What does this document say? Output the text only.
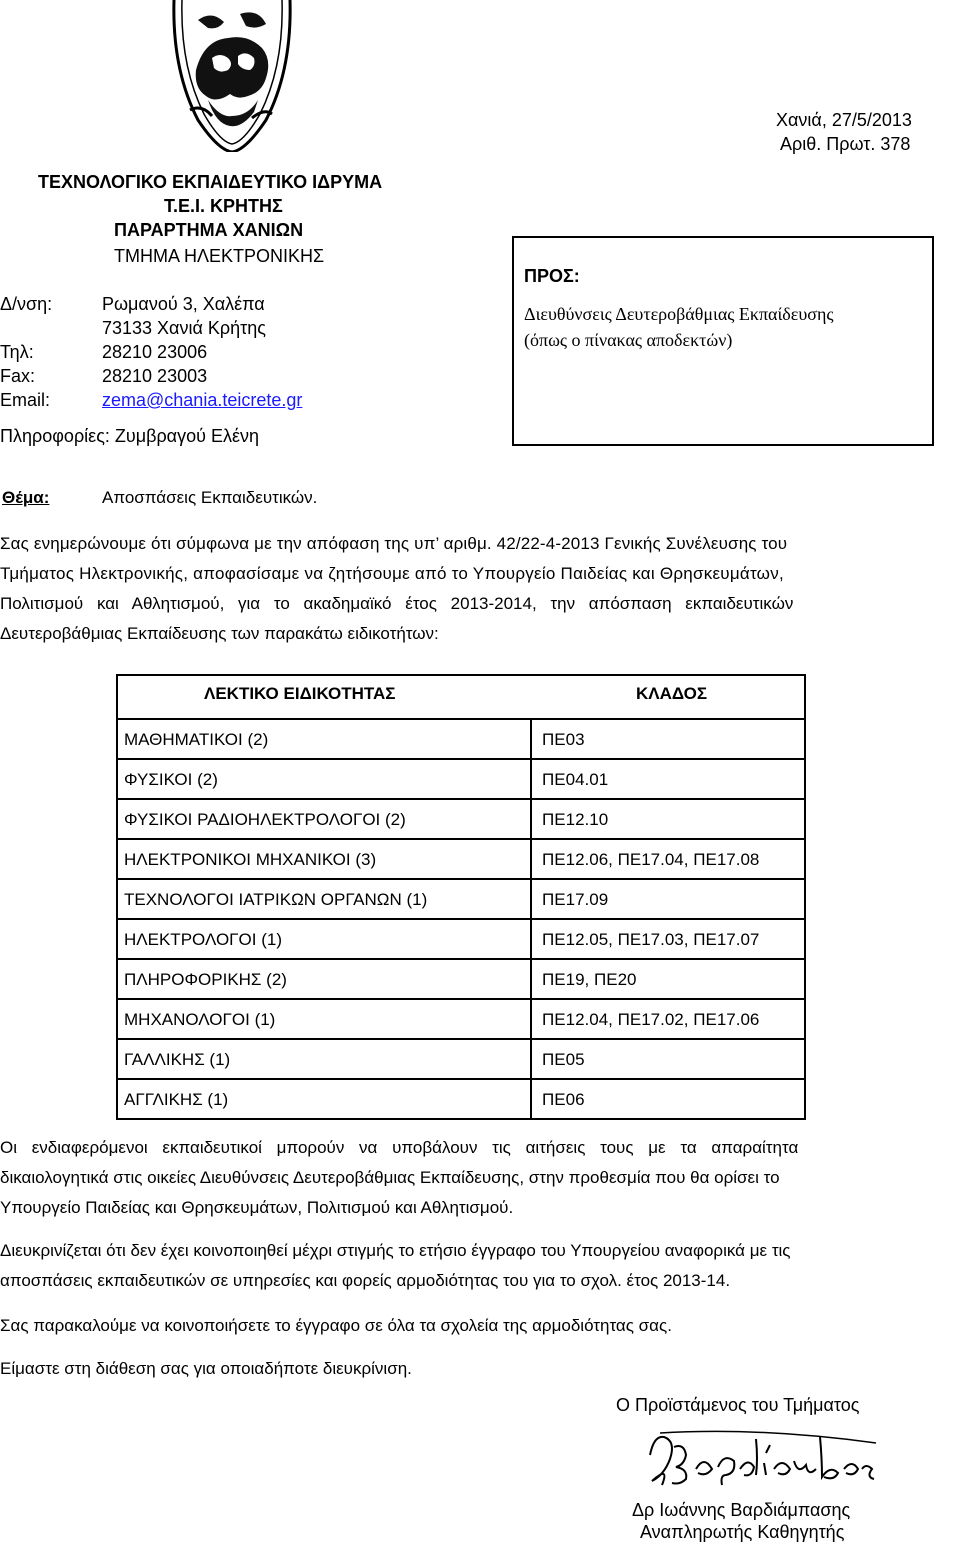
Χανιά, 27/5/2013
Αριθ. Πρωτ. 378
ΤΕΧΝΟΛΟΓΙΚΟ ΕΚΠΑΙΔΕΥΤΙΚΟ ΙΔΡΥΜΑ
Τ.Ε.Ι. ΚΡΗΤΗΣ
ΠΑΡΑΡΤΗΜΑ ΧΑΝΙΩΝ
ΤΜΗΜΑ ΗΛΕΚΤΡΟΝΙΚΗΣ
Δ/νση:	Ρωμανού 3, Χαλέπα
73133 Χανιά Κρήτης
Τηλ:	28210 23006
Fax:	28210 23003
Email:	zema@chania.teicrete.gr
Πληροφορίες: Ζυμβραγού Ελένη
ΠΡΟΣ:
Διευθύνσεις Δευτεροβάθμιας Εκπαίδευσης
(όπως ο πίνακας αποδεκτών)
Θέμα:	Αποσπάσεις Εκπαιδευτικών.
Σας ενημερώνουμε ότι σύμφωνα με την απόφαση της υπ’ αριθμ. 42/22-4-2013 Γενικής Συνέλευσης του
Τμήματος Ηλεκτρονικής, αποφασίσαμε να ζητήσουμε από το Υπουργείο Παιδείας και Θρησκευμάτων,
Πολιτισμού και Αθλητισμού, για το ακαδημαϊκό έτος 2013-2014, την απόσπαση εκπαιδευτικών
Δευτεροβάθμιας Εκπαίδευσης των παρακάτω ειδικοτήτων:
ΛΕΚΤΙΚΟ ΕΙΔΙΚΟΤΗΤΑΣ	ΚΛΑΔΟΣ
ΜΑΘΗΜΑΤΙΚΟΙ (2)	ΠΕ03
ΦΥΣΙΚΟΙ (2)	ΠΕ04.01
ΦΥΣΙΚΟΙ ΡΑΔΙΟΗΛΕΚΤΡΟΛΟΓΟΙ (2)	ΠΕ12.10
ΗΛΕΚΤΡΟΝΙΚΟΙ ΜΗΧΑΝΙΚΟΙ (3)	ΠΕ12.06, ΠΕ17.04, ΠΕ17.08
ΤΕΧΝΟΛΟΓΟΙ ΙΑΤΡΙΚΩΝ ΟΡΓΑΝΩΝ (1)	ΠΕ17.09
ΗΛΕΚΤΡΟΛΟΓΟΙ (1)	ΠΕ12.05, ΠΕ17.03, ΠΕ17.07
ΠΛΗΡΟΦΟΡΙΚΗΣ (2)	ΠΕ19, ΠΕ20
ΜΗΧΑΝΟΛΟΓΟΙ (1)	ΠΕ12.04, ΠΕ17.02, ΠΕ17.06
ΓΑΛΛΙΚΗΣ (1)	ΠΕ05
ΑΓΓΛΙΚΗΣ (1)	ΠΕ06
Οι ενδιαφερόμενοι εκπαιδευτικοί μπορούν να υποβάλουν τις αιτήσεις τους με τα απαραίτητα
δικαιολογητικά στις οικείες Διευθύνσεις Δευτεροβάθμιας Εκπαίδευσης, στην προθεσμία που θα ορίσει το
Υπουργείο Παιδείας και Θρησκευμάτων, Πολιτισμού και Αθλητισμού.
Διευκρινίζεται ότι δεν έχει κοινοποιηθεί μέχρι στιγμής το ετήσιο έγγραφο του Υπουργείου αναφορικά με τις
αποσπάσεις εκπαιδευτικών σε υπηρεσίες και φορείς αρμοδιότητας του για το σχολ. έτος 2013-14.
Σας παρακαλούμε να κοινοποιήσετε το έγγραφο σε όλα τα σχολεία της αρμοδιότητας σας.
Είμαστε στη διάθεση σας για οποιαδήποτε διευκρίνιση.
Ο Προϊστάμενος του Τμήματος
Δρ Ιωάννης Βαρδιάμπασης
Αναπληρωτής Καθηγητής
